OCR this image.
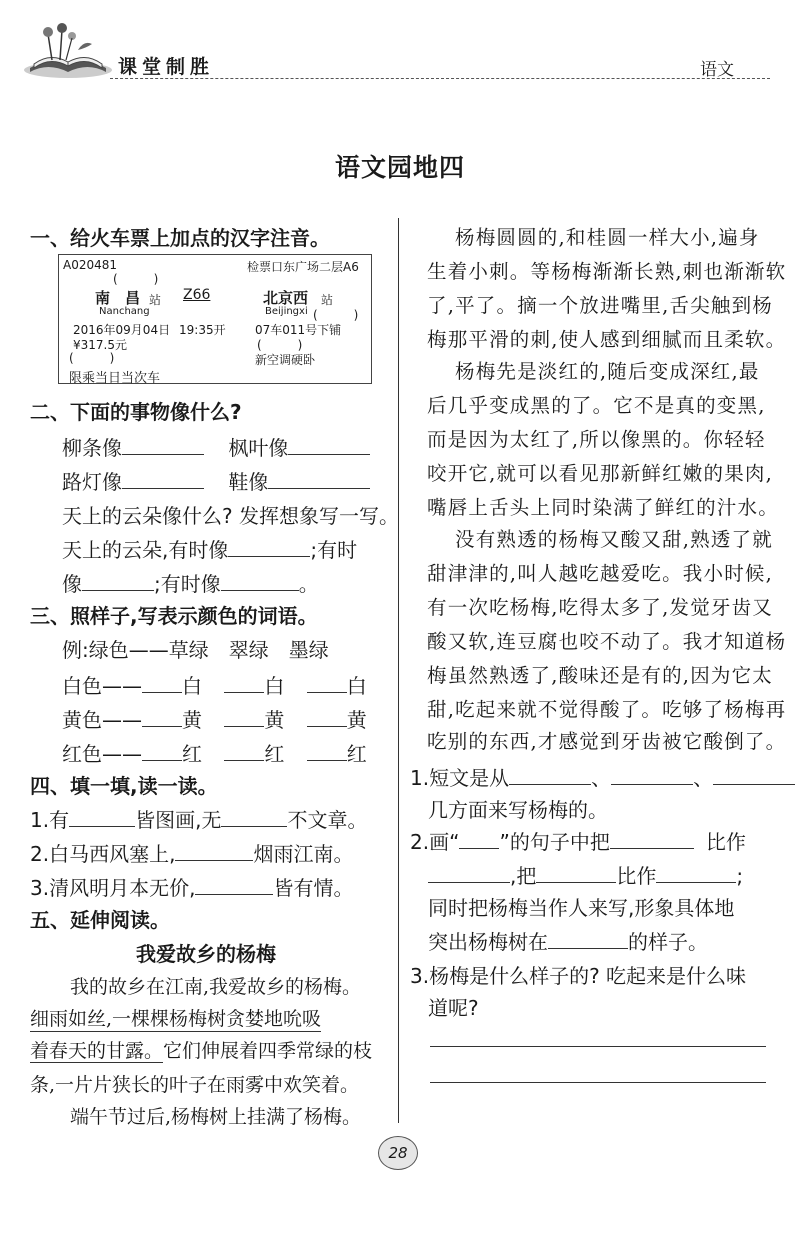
课堂制胜	语文
语文园地四
一、给火车票上加点的汉字注音。
A020481	检票口东广场二层A6
(　　　)
南　昌 站
Nanchang
Z66	北京西 站
Beijingxi (　　　)
2016年09月04日 19:35开 07车011号下铺
¥317.5元	(　　　)
(　　　)	新空调硬卧
限乘当日当次车
二、下面的事物像什么?
柳条像	枫叶像
路灯像	鞋像
天上的云朵像什么? 发挥想象写一写。
天上的云朵,有时像	;有时
像	;有时像	。
三、照样子,写表示颜色的词语。
例:绿色——草绿　翠绿　墨绿
白色—— 白	白	白
黄色—— 黄	黄	黄
红色—— 红	红	红
四、填一填,读一读。
1.有	皆图画,无	不文章。
2.白马西风塞上,	烟雨江南。
3.清风明月本无价,	皆有情。
五、延伸阅读。
我爱故乡的杨梅
我的故乡在江南,我爱故乡的杨梅。
细雨如丝,一棵棵杨梅树贪婪地吮吸
着春天的甘露。它们伸展着四季常绿的枝
条,一片片狭长的叶子在雨雾中欢笑着。
端午节过后,杨梅树上挂满了杨梅。
杨梅圆圆的,和桂圆一样大小,遍身
生着小刺。等杨梅渐渐长熟,刺也渐渐软
了,平了。摘一个放进嘴里,舌尖触到杨
梅那平滑的刺,使人感到细腻而且柔软。
杨梅先是淡红的,随后变成深红,最
后几乎变成黑的了。它不是真的变黑,
而是因为太红了,所以像黑的。你轻轻
咬开它,就可以看见那新鲜红嫩的果肉,
嘴唇上舌头上同时染满了鲜红的汁水。
没有熟透的杨梅又酸又甜,熟透了就
甜津津的,叫人越吃越爱吃。我小时候,
有一次吃杨梅,吃得太多了,发觉牙齿又
酸又软,连豆腐也咬不动了。我才知道杨
梅虽然熟透了,酸味还是有的,因为它太
甜,吃起来就不觉得酸了。吃够了杨梅再
吃别的东西,才感觉到牙齿被它酸倒了。
1.短文是从	、	、
几方面来写杨梅的。
2.画“ ”的句子中把	比作
,把	比作	;
同时把杨梅当作人来写,形象具体地
突出杨梅树在	的样子。
3.杨梅是什么样子的? 吃起来是什么味
道呢?
28
